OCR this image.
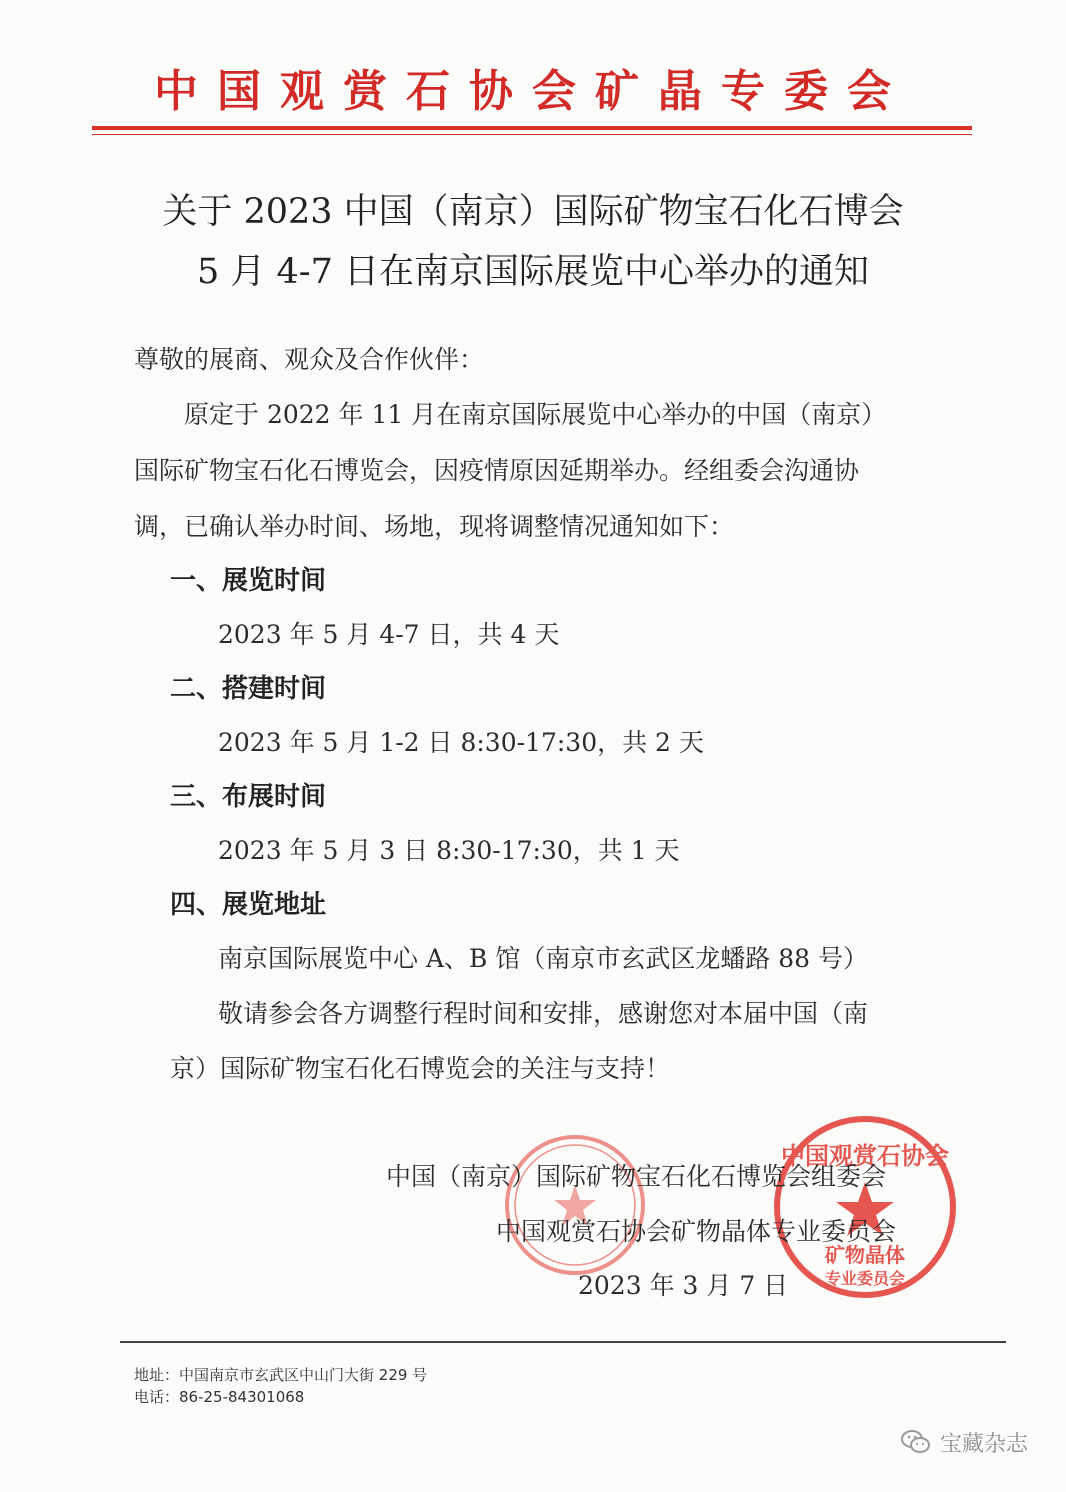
中国观赏石协会矿晶专委会
关于 2023 中国（南京）国际矿物宝石化石博会
5 月 4-7 日在南京国际展览中心举办的通知
尊敬的展商、观众及合作伙伴：
　　原定于 2022 年 11 月在南京国际展览中心举办的中国（南京）
国际矿物宝石化石博览会，因疫情原因延期举办。经组委会沟通协
调，已确认举办时间、场地，现将调整情况通知如下：
一、展览时间
2023 年 5 月 4-7 日，共 4 天
二、搭建时间
2023 年 5 月 1-2 日 8:30-17:30，共 2 天
三、布展时间
2023 年 5 月 3 日 8:30-17:30，共 1 天
四、展览地址
南京国际展览中心 A、B 馆（南京市玄武区龙蟠路 88 号）
敬请参会各方调整行程时间和安排，感谢您对本届中国（南
京）国际矿物宝石化石博览会的关注与支持！
中国观赏石协会
矿物晶体
专业委员会
中国（南京）国际矿物宝石化石博览会组委会
中国观赏石协会矿物晶体专业委员会
2023 年 3 月 7 日
地址：中国南京市玄武区中山门大街 229 号
电话：86-25-84301068
宝藏杂志
